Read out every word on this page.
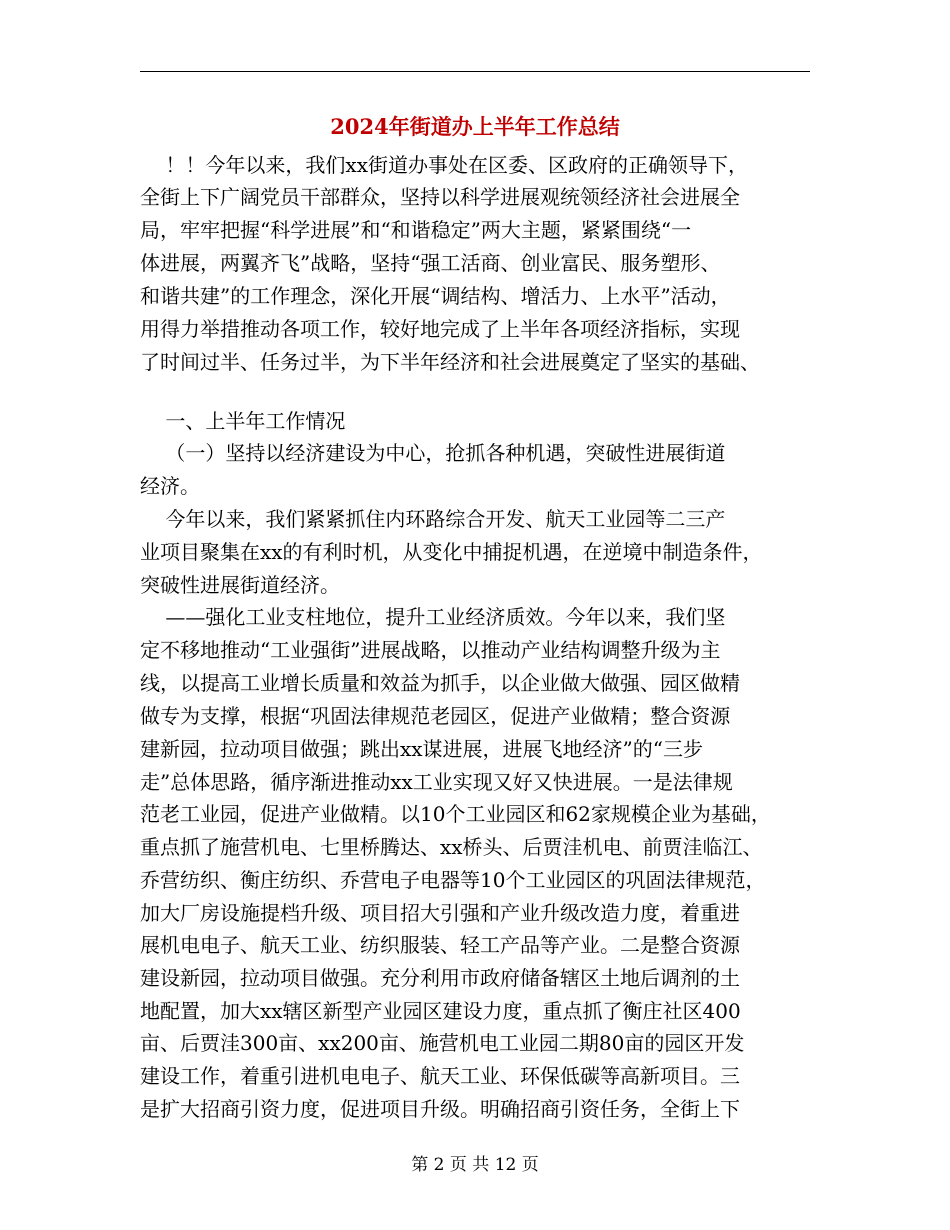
2024年街道办上半年工作总结

！！今年以来，我们xx街道办事处在区委、区政府的正确领导下，

全街上下广阔党员干部群众，坚持以科学进展观统领经济社会进展全

局，牢牢把握“科学进展”和“和谐稳定”两大主题，紧紧围绕“一

体进展，两翼齐飞”战略，坚持“强工活商、创业富民、服务塑形、

和谐共建”的工作理念，深化开展“调结构、增活力、上水平”活动，

用得力举措推动各项工作，较好地完成了上半年各项经济指标，实现

了时间过半、任务过半，为下半年经济和社会进展奠定了坚实的基础、

一、上半年工作情况

（一）坚持以经济建设为中心，抢抓各种机遇，突破性进展街道

经济。

今年以来，我们紧紧抓住内环路综合开发、航天工业园等二三产

业项目聚集在xx的有利时机，从变化中捕捉机遇，在逆境中制造条件，

突破性进展街道经济。

——强化工业支柱地位，提升工业经济质效。今年以来，我们坚

定不移地推动“工业强街”进展战略，以推动产业结构调整升级为主

线，以提高工业增长质量和效益为抓手，以企业做大做强、园区做精

做专为支撑，根据“巩固法律规范老园区，促进产业做精；整合资源

建新园，拉动项目做强；跳出xx谋进展，进展飞地经济”的“三步

走”总体思路，循序渐进推动xx工业实现又好又快进展。一是法律规

范老工业园，促进产业做精。以10个工业园区和62家规模企业为基础，

重点抓了施营机电、七里桥腾达、xx桥头、后贾洼机电、前贾洼临江、

乔营纺织、衡庄纺织、乔营电子电器等10个工业园区的巩固法律规范，

加大厂房设施提档升级、项目招大引强和产业升级改造力度，着重进

展机电电子、航天工业、纺织服装、轻工产品等产业。二是整合资源

建设新园，拉动项目做强。充分利用市政府储备辖区土地后调剂的土

地配置，加大xx辖区新型产业园区建设力度，重点抓了衡庄社区400

亩、后贾洼300亩、xx200亩、施营机电工业园二期80亩的园区开发

建设工作，着重引进机电电子、航天工业、环保低碳等高新项目。三

是扩大招商引资力度，促进项目升级。明确招商引资任务，全街上下

第 2 页 共 12 页
